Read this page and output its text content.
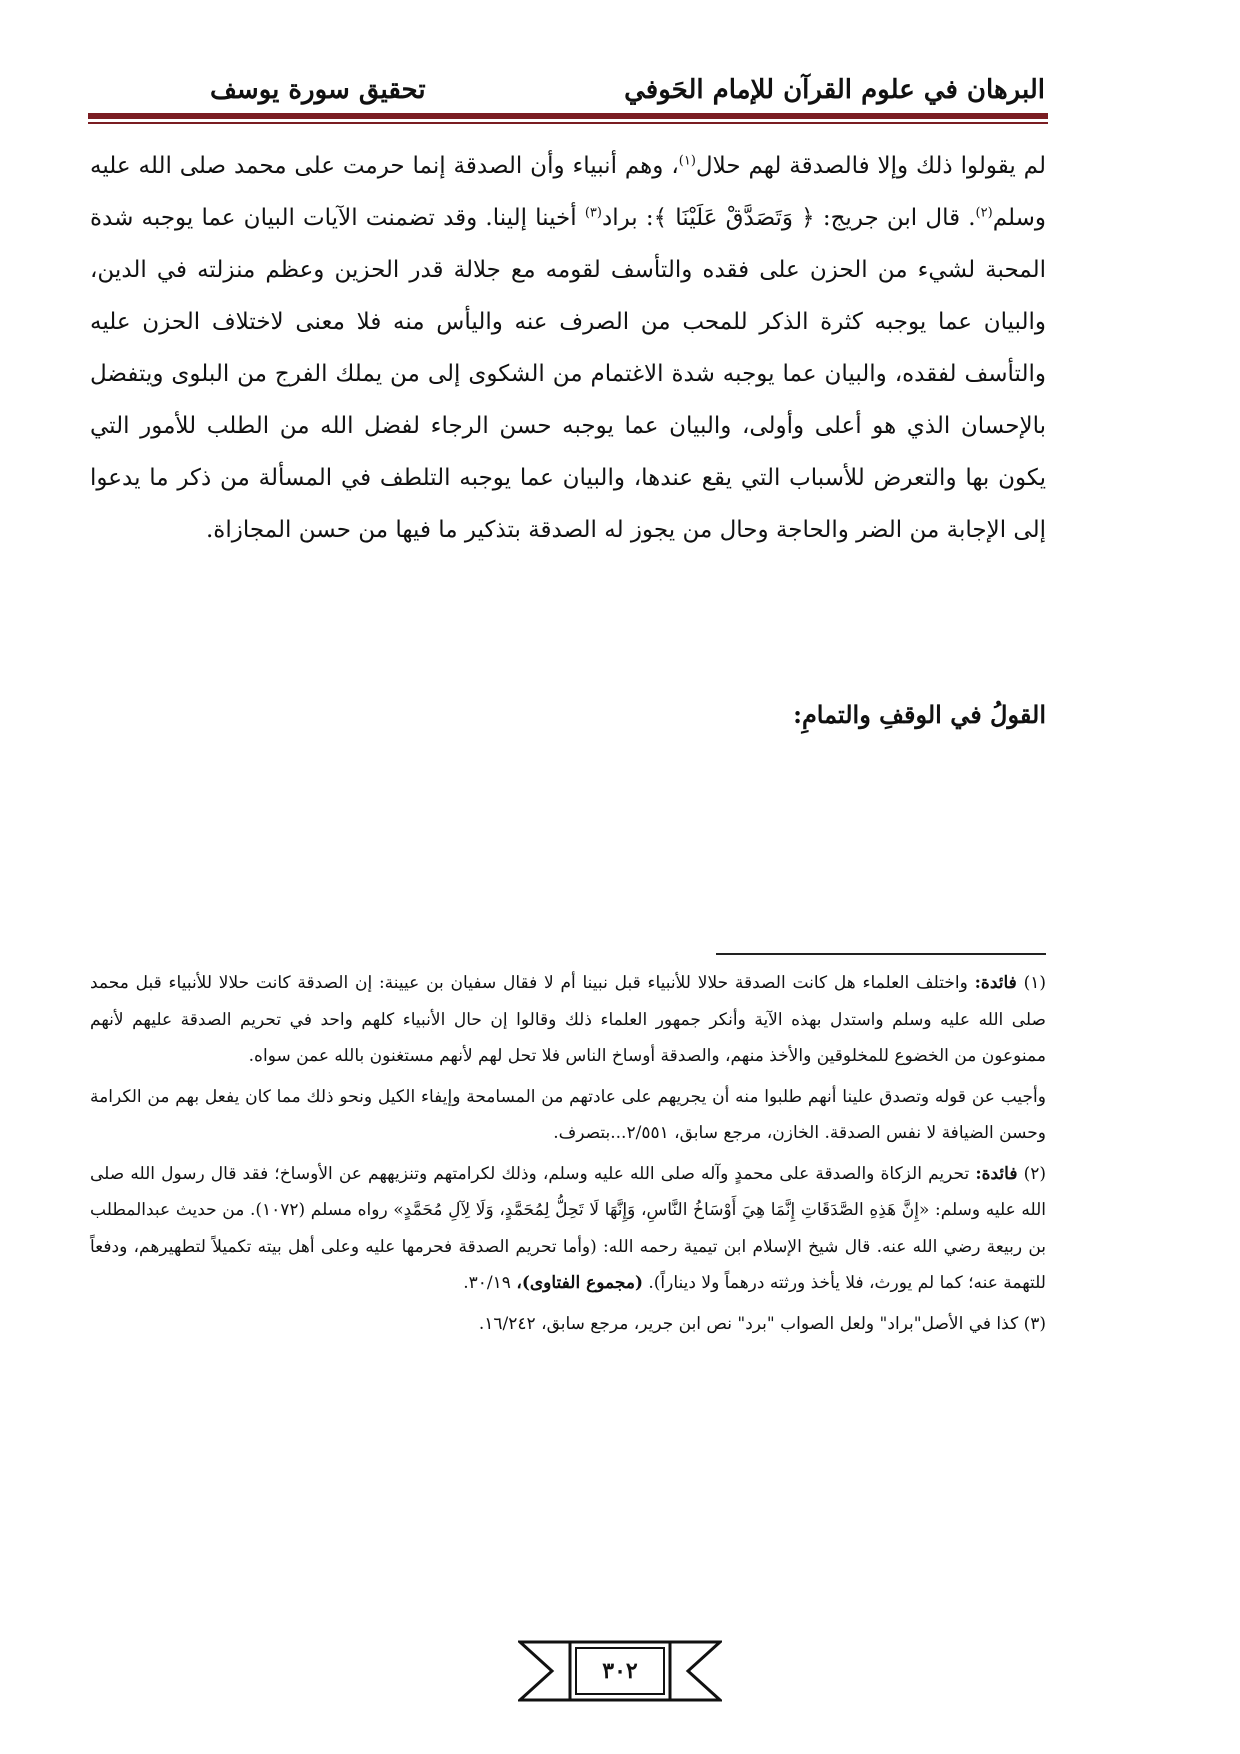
البرهان في علوم القرآن للإمام الحَوفي
تحقيق سورة يوسف

لم يقولوا ذلك وإلا فالصدقة لهم حلال$^{(١)}$، وهم أنبياء وأن الصدقة إنما حرمت على محمد صلى الله عليه وسلم$^{(٢)}$. قال ابن جريج: ﴿ وَتَصَدَّقْ عَلَيْنَا ﴾: براد$^{(٣)}$ أخينا إلينا. وقد تضمنت الآيات البيان عما يوجبه شدة المحبة لشيء من الحزن على فقده والتأسف لقومه مع جلالة قدر الحزين وعظم منزلته في الدين، والبيان عما يوجبه كثرة الذكر للمحب من الصرف عنه واليأس منه فلا معنى لاختلاف الحزن عليه والتأسف لفقده، والبيان عما يوجبه شدة الاغتمام من الشكوى إلى من يملك الفرج من البلوى ويتفضل بالإحسان الذي هو أعلى وأولى، والبيان عما يوجبه حسن الرجاء لفضل الله من الطلب للأمور التي يكون بها والتعرض للأسباب التي يقع عندها، والبيان عما يوجبه التلطف في المسألة من ذكر ما يدعوا إلى الإجابة من الضر والحاجة وحال من يجوز له الصدقة بتذكير ما فيها من حسن المجازاة.

القولُ في الوقفِ والتمامِ:

(١) فائدة: واختلف العلماء هل كانت الصدقة حلالا للأنبياء قبل نبينا أم لا فقال سفيان بن عيينة: إن الصدقة كانت حلالا للأنبياء قبل محمد صلى الله عليه وسلم واستدل بهذه الآية وأنكر جمهور العلماء ذلك وقالوا إن حال الأنبياء كلهم واحد في تحريم الصدقة عليهم لأنهم ممنوعون من الخضوع للمخلوقين والأخذ منهم، والصدقة أوساخ الناس فلا تحل لهم لأنهم مستغنون بالله عمن سواه.

وأجيب عن قوله وتصدق علينا أنهم طلبوا منه أن يجريهم على عادتهم من المسامحة وإيفاء الكيل ونحو ذلك مما كان يفعل بهم من الكرامة وحسن الضيافة لا نفس الصدقة. الخازن، مرجع سابق، ٢/٥٥١...بتصرف.

(٢) فائدة: تحريم الزكاة والصدقة على محمدٍ وآله صلى الله عليه وسلم، وذلك لكرامتهم وتنزيههم عن الأوساخ؛ فقد قال رسول الله صلى الله عليه وسلم: «إِنَّ هَذِهِ الصَّدَقَاتِ إِنَّمَا هِيَ أَوْسَاخُ النَّاسِ، وَإِنَّهَا لَا تَحِلُّ لِمُحَمَّدٍ، وَلَا لِآلِ مُحَمَّدٍ» رواه مسلم (١٠٧٢). من حديث عبدالمطلب بن ربيعة رضي الله عنه. قال شيخ الإسلام ابن تيمية رحمه الله: (وأما تحريم الصدقة فحرمها عليه وعلى أهل بيته تكميلاً لتطهيرهم، ودفعاً للتهمة عنه؛ كما لم يورث، فلا يأخذ ورثته درهماً ولا ديناراً). (مجموع الفتاوى)، ٣٠/١٩.

(٣) كذا في الأصل"براد" ولعل الصواب "برد" نص ابن جرير، مرجع سابق، ١٦/٢٤٢.

٣٠٢
